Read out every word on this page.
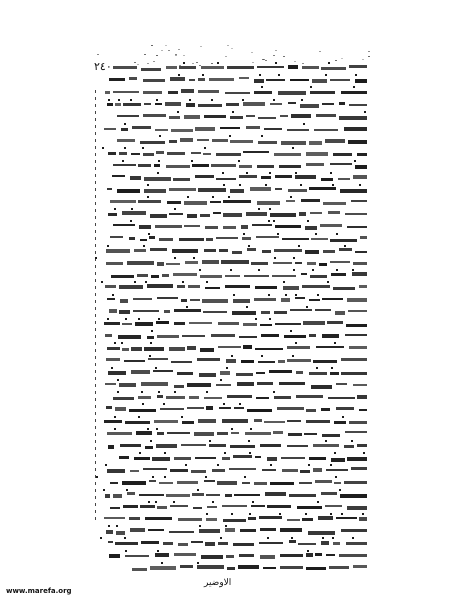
٢٤٠
الاوضير
www.marefa.org
